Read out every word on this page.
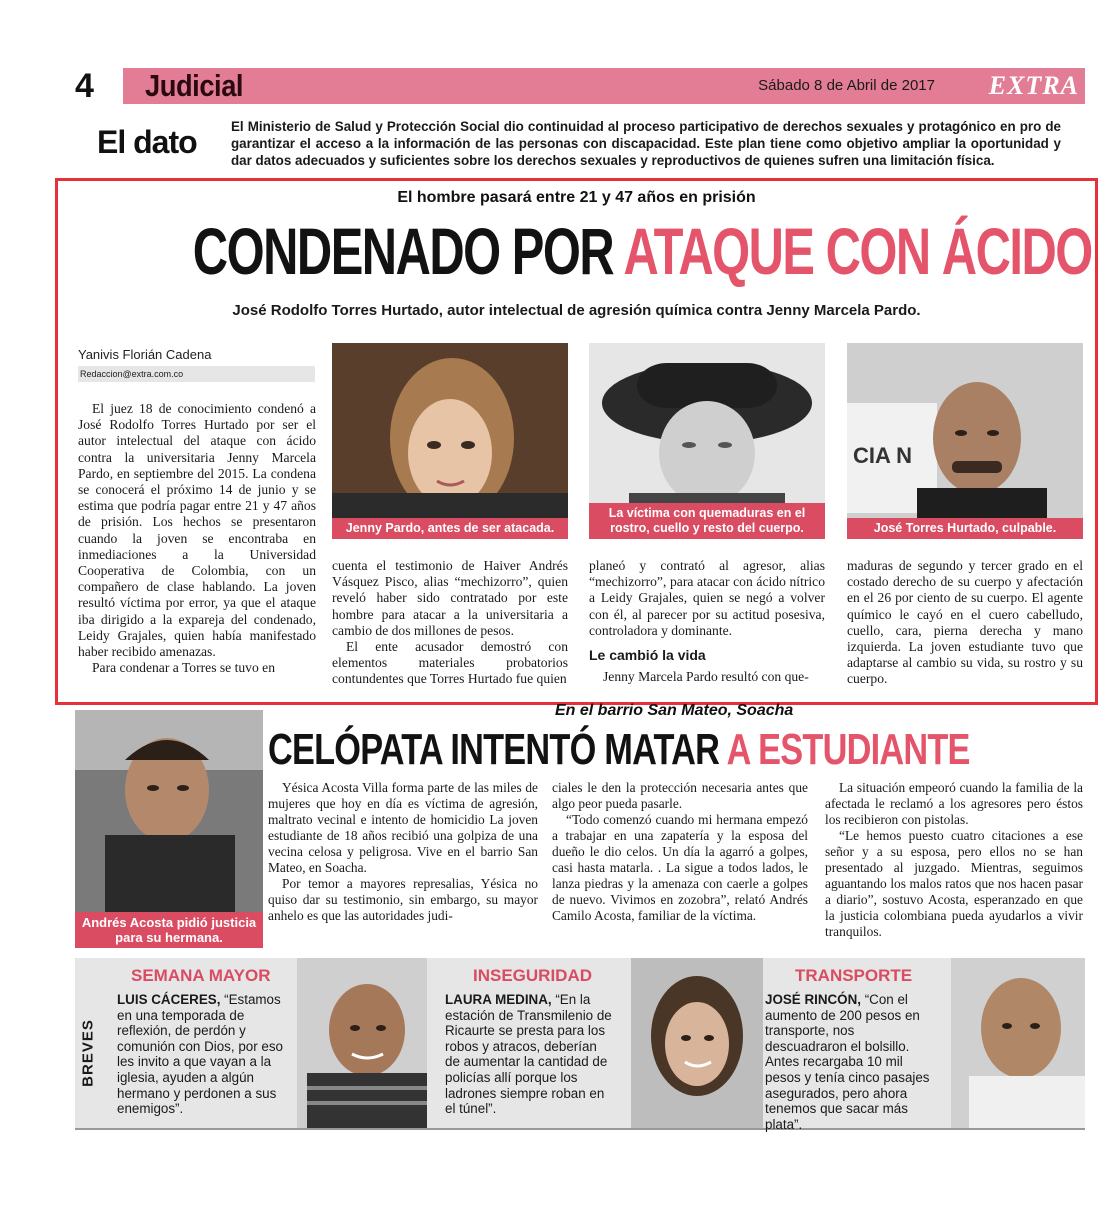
4	Judicial	Sábado 8 de Abril de 2017 EXTRA
El dato	El Ministerio de Salud y Protección Social dio continuidad al proceso participativo de derechos sexuales y protagónico en pro de garantizar el acceso a la información de las personas con discapacidad. Este plan tiene como objetivo ampliar la oportunidad y dar datos adecuados y suficientes sobre los derechos sexuales y reproductivos de quienes sufren una limitación física.
El hombre pasará entre 21 y 47 años en prisión
CONDENADO POR ATAQUE CON ÁCIDO
José Rodolfo Torres Hurtado, autor intelectual de agresión química contra Jenny Marcela Pardo.
Yanivis Florián Cadena
Redaccion@extra.com.co

El juez 18 de conocimiento condenó a José Rodolfo Torres Hurtado por ser el autor intelectual del ataque con ácido contra la universitaria Jenny Marcela Pardo, en septiembre del 2015. La condena se conocerá el próximo 14 de junio y se estima que podría pagar entre 21 y 47 años de prisión. Los hechos se presentaron cuando la joven se encontraba en inmediaciones a la Universidad Cooperativa de Colombia, con un compañero de clase hablando. La joven resultó víctima por error, ya que el ataque iba dirigido a la expareja del condenado, Leidy Grajales, quien había manifestado haber recibido amenazas.

Para condenar a Torres se tuvo en

Jenny Pardo, antes de ser atacada.
La víctima con quemaduras en el rostro, cuello y resto del cuerpo.
CIA N
José Torres Hurtado, culpable.

cuenta el testimonio de Haiver Andrés Vásquez Pisco, alias “mechizorro”, quien reveló haber sido contratado por este hombre para atacar a la universitaria a cambio de dos millones de pesos.

El ente acusador demostró con elementos materiales probatorios contundentes que Torres Hurtado fue quien

planeó y contrató al agresor, alias “mechizorro”, para atacar con ácido nítrico a Leidy Grajales, quien se negó a volver con él, al parecer por su actitud posesiva, controladora y dominante.

Le cambió la vida

Jenny Marcela Pardo resultó con que-

maduras de segundo y tercer grado en el costado derecho de su cuerpo y afectación en el 26 por ciento de su cuerpo. El agente químico le cayó en el cuero cabelludo, cuello, cara, pierna derecha y mano izquierda. La joven estudiante tuvo que adaptarse al cambio su vida, su rostro y su cuerpo.

Andrés Acosta pidió justicia para su hermana.
En el barrio San Mateo, Soacha
CELÓPATA INTENTÓ MATAR A ESTUDIANTE

Yésica Acosta Villa forma parte de las miles de mujeres que hoy en día es víctima de agresión, maltrato vecinal e intento de homicidio La joven estudiante de 18 años recibió una golpiza de una vecina celosa y peligrosa. Vive en el barrio San Mateo, en Soacha.

Por temor a mayores represalias, Yésica no quiso dar su testimonio, sin embargo, su mayor anhelo es que las autoridades judi-

ciales le den la protección necesaria antes que algo peor pueda pasarle.

“Todo comenzó cuando mi hermana empezó a trabajar en una zapatería y la esposa del dueño le dio celos. Un día la agarró a golpes, casi hasta matarla. . La sigue a todos lados, le lanza piedras y la amenaza con caerle a golpes de nuevo. Vivimos en zozobra”, relató Andrés Camilo Acosta, familiar de la víctima.

La situación empeoró cuando la familia de la afectada le reclamó a los agresores pero éstos los recibieron con pistolas.

“Le hemos puesto cuatro citaciones a ese señor y a su esposa, pero ellos no se han presentado al juzgado. Mientras, seguimos aguantando los malos ratos que nos hacen pasar a diario”, sostuvo Acosta, esperanzado en que la justicia colombiana pueda ayudarlos a vivir tranquilos.

BREVES
SEMANA MAYOR
LUIS CÁCERES, “Estamos en una temporada de reflexión, de perdón y comunión con Dios, por eso les invito a que vayan a la iglesia, ayuden a algún hermano y perdonen a sus enemigos”.
INSEGURIDAD
LAURA MEDINA, “En la estación de Transmilenio de Ricaurte se presta para los robos y atracos, deberían de aumentar la cantidad de policías allí porque los ladrones siempre roban en el túnel”.
TRANSPORTE
JOSÉ RINCÓN, “Con el aumento de 200 pesos en transporte, nos descuadraron el bolsillo. Antes recargaba 10 mil pesos y tenía cinco pasajes asegurados, pero ahora tenemos que sacar más plata”.
